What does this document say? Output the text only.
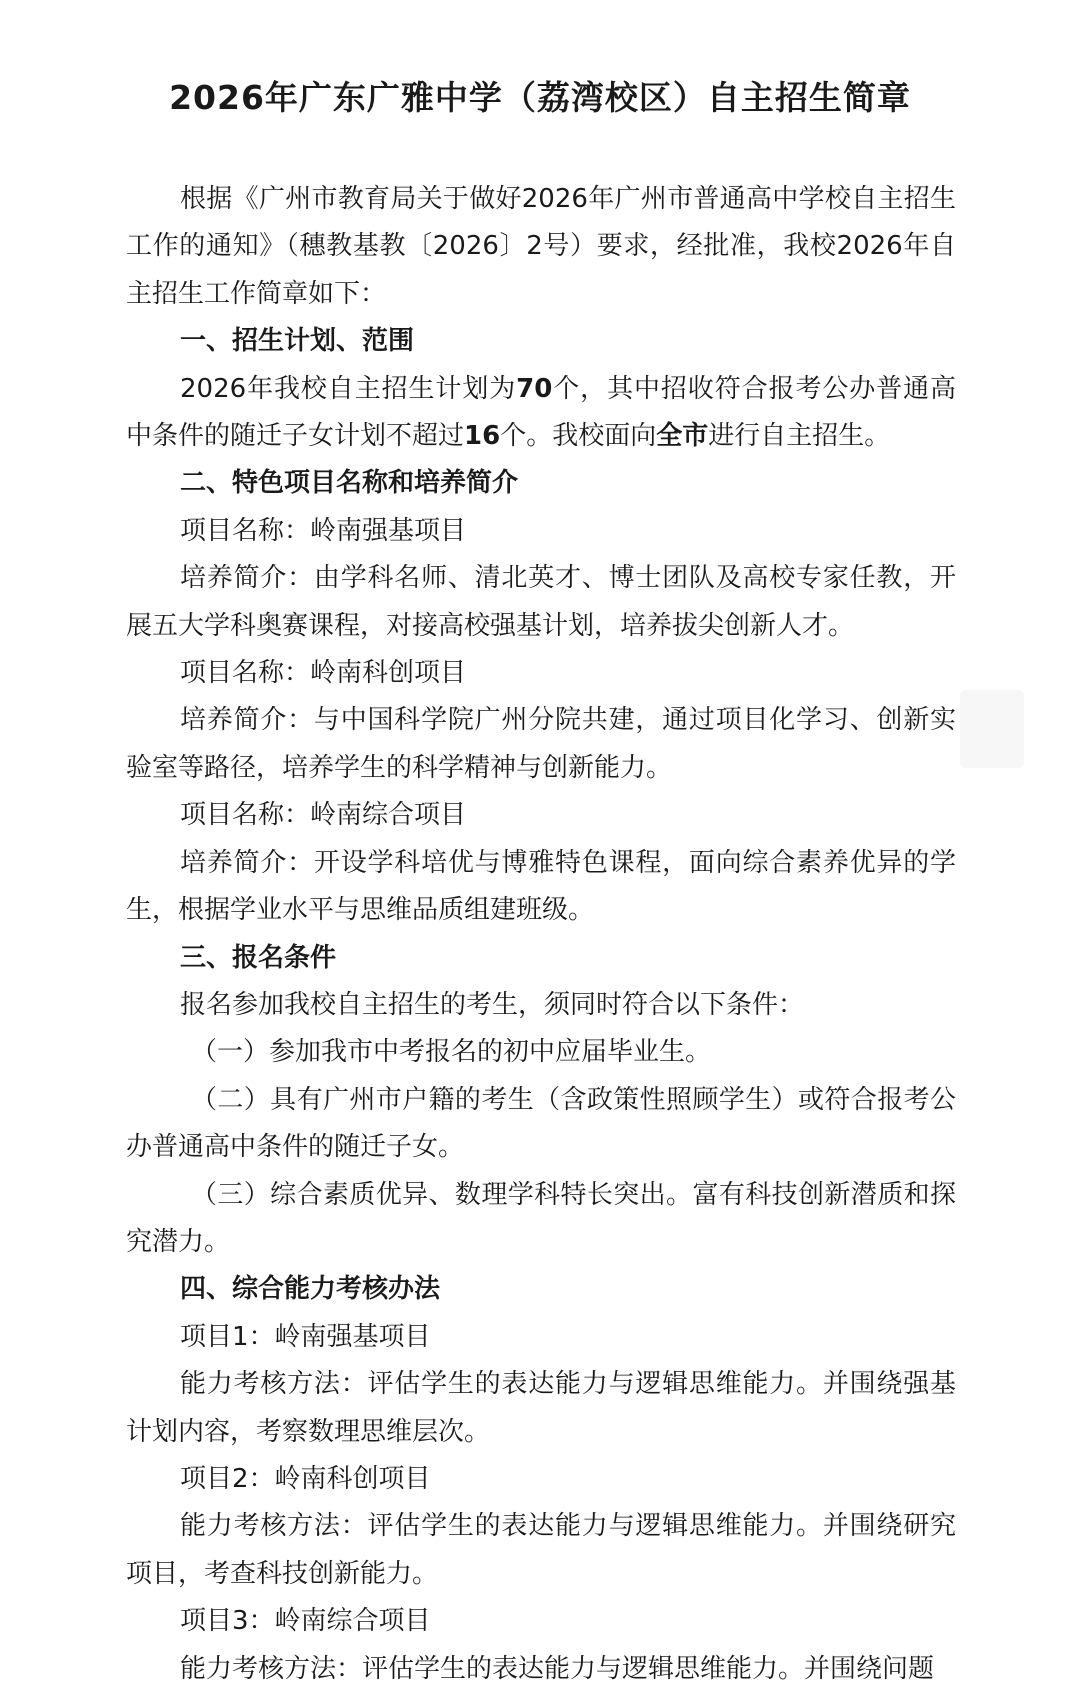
2026年广东广雅中学（荔湾校区）自主招生简章

根据《广州市教育局关于做好2026年广州市普通高中学校自主招生工作的通知》（穗教基教〔2026〕2号）要求，经批准，我校2026年自主招生工作简章如下：

一、招生计划、范围

2026年我校自主招生计划为70个，其中招收符合报考公办普通高中条件的随迁子女计划不超过16个。我校面向全市进行自主招生。

二、特色项目名称和培养简介

项目名称：岭南强基项目

培养简介：由学科名师、清北英才、博士团队及高校专家任教，开展五大学科奥赛课程，对接高校强基计划，培养拔尖创新人才。

项目名称：岭南科创项目

培养简介：与中国科学院广州分院共建，通过项目化学习、创新实验室等路径，培养学生的科学精神与创新能力。

项目名称：岭南综合项目

培养简介：开设学科培优与博雅特色课程，面向综合素养优异的学生，根据学业水平与思维品质组建班级。

三、报名条件

报名参加我校自主招生的考生，须同时符合以下条件：

（一）参加我市中考报名的初中应届毕业生。

（二）具有广州市户籍的考生（含政策性照顾学生）或符合报考公办普通高中条件的随迁子女。

（三）综合素质优异、数理学科特长突出。富有科技创新潜质和探究潜力。

四、综合能力考核办法

项目1：岭南强基项目

能力考核方法：评估学生的表达能力与逻辑思维能力。并围绕强基计划内容，考察数理思维层次。

项目2：岭南科创项目

能力考核方法：评估学生的表达能力与逻辑思维能力。并围绕研究项目，考查科技创新能力。

项目3：岭南综合项目

能力考核方法：评估学生的表达能力与逻辑思维能力。并围绕问题
